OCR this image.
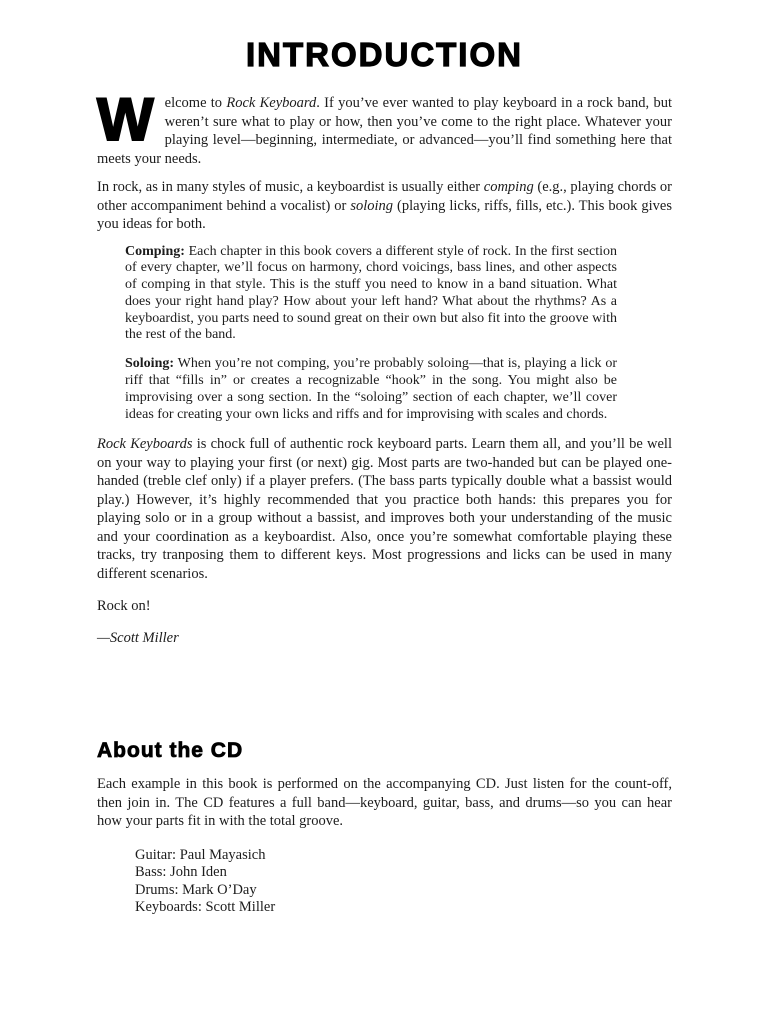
INTRODUCTION

Welcome to Rock Keyboard. If you’ve ever wanted to play keyboard in a rock band, but weren’t sure what to play or how, then you’ve come to the right place. Whatever your playing level—beginning, intermediate, or advanced—you’ll find something here that meets your needs.

In rock, as in many styles of music, a keyboardist is usually either comping (e.g., playing chords or other accompaniment behind a vocalist) or soloing (playing licks, riffs, fills, etc.). This book gives you ideas for both.

Comping: Each chapter in this book covers a different style of rock. In the first section of every chapter, we’ll focus on harmony, chord voicings, bass lines, and other aspects of comping in that style. This is the stuff you need to know in a band situation. What does your right hand play? How about your left hand? What about the rhythms? As a keyboardist, you parts need to sound great on their own but also fit into the groove with the rest of the band.

Soloing: When you’re not comping, you’re probably soloing—that is, playing a lick or riff that “fills in” or creates a recognizable “hook” in the song. You might also be improvising over a song section. In the “soloing” section of each chapter, we’ll cover ideas for creating your own licks and riffs and for improvising with scales and chords.

Rock Keyboards is chock full of authentic rock keyboard parts. Learn them all, and you’ll be well on your way to playing your first (or next) gig. Most parts are two-handed but can be played one-handed (treble clef only) if a player prefers. (The bass parts typically double what a bassist would play.) However, it’s highly recommended that you practice both hands: this prepares you for playing solo or in a group without a bassist, and improves both your understanding of the music and your coordination as a keyboardist. Also, once you’re somewhat comfortable playing these tracks, try tranposing them to different keys. Most progressions and licks can be used in many different scenarios.

Rock on!

—Scott Miller

About the CD

Each example in this book is performed on the accompanying CD. Just listen for the count-off, then join in. The CD features a full band—keyboard, guitar, bass, and drums—so you can hear how your parts fit in with the total groove.

Guitar: Paul Mayasich

Bass: John Iden

Drums: Mark O’Day

Keyboards: Scott Miller
